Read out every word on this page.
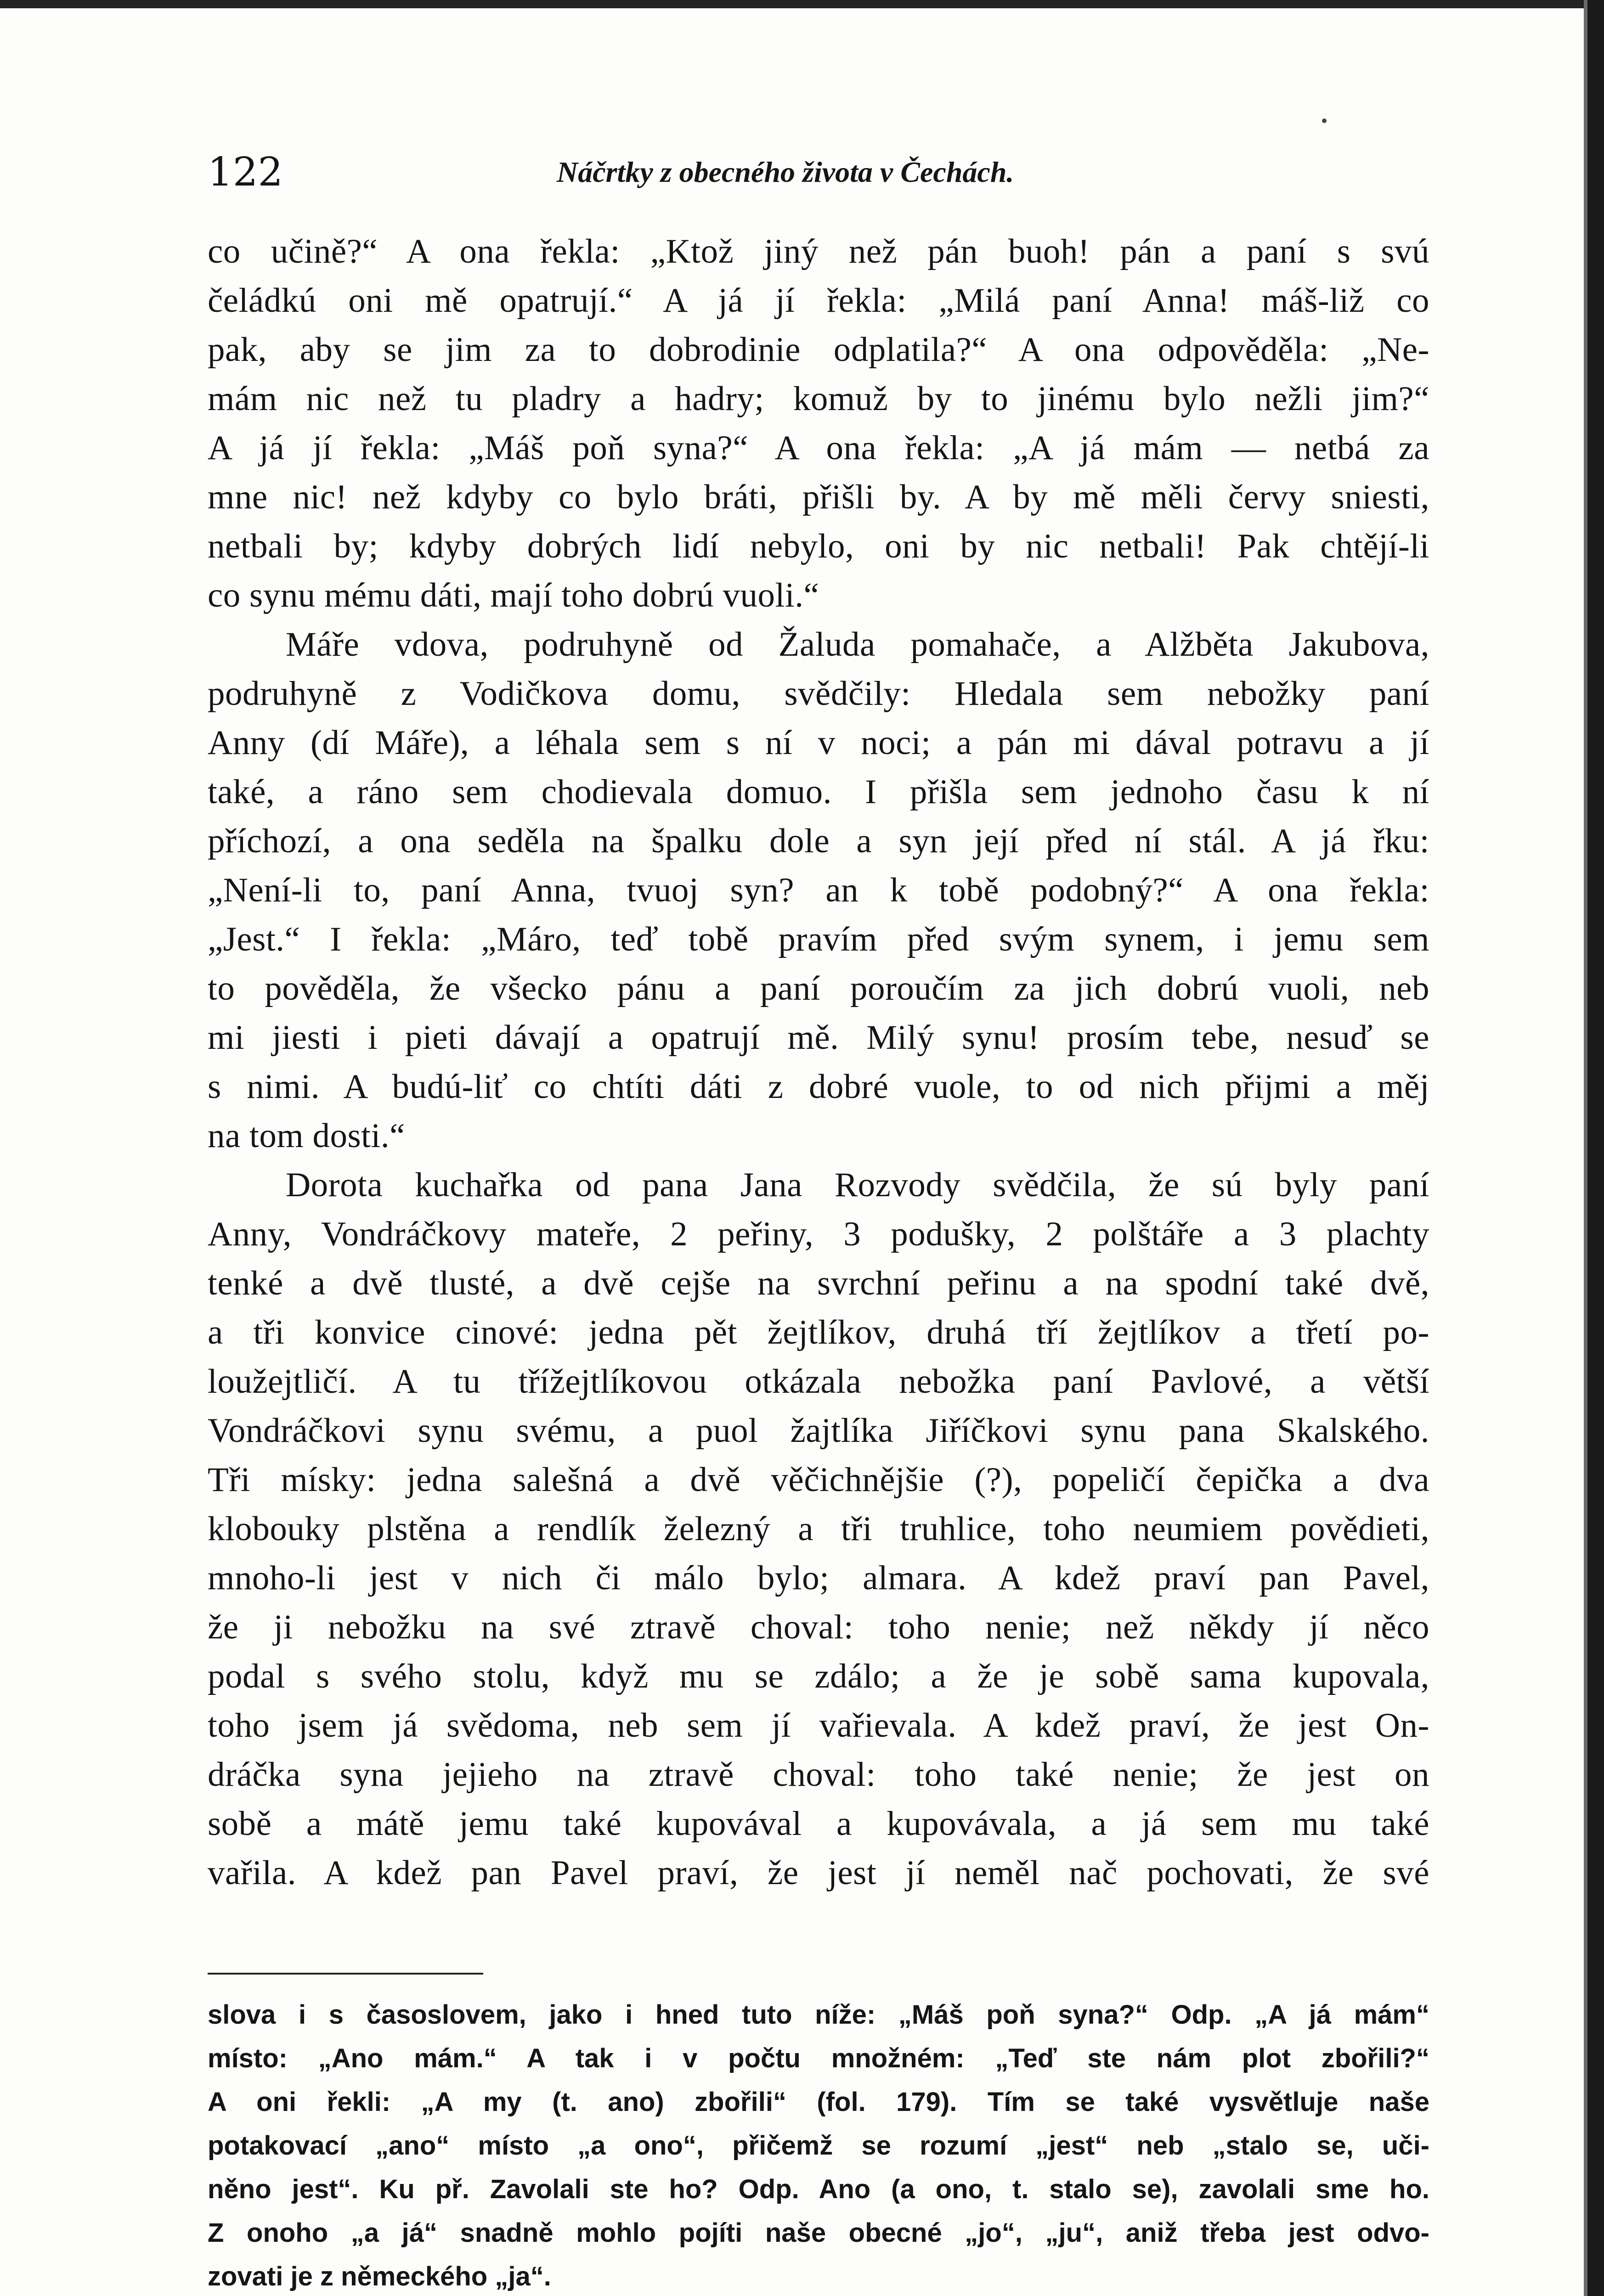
122	Náčrtky z obecného života v Čechách.
co učině?“ A ona řekla: „Ktož jiný než pán buoh! pán a paní s svú
čeládkú oni mě opatrují.“ A já jí řekla: „Milá paní Anna! máš-liž co
pak, aby se jim za to dobrodinie odplatila?“ A ona odpověděla: „Ne-
mám nic než tu pladry a hadry; komuž by to jinému bylo nežli jim?“
A já jí řekla: „Máš poň syna?“ A ona řekla: „A já mám — netbá za
mne nic! než kdyby co bylo bráti, přišli by. A by mě měli červy sniesti,
netbali by; kdyby dobrých lidí nebylo, oni by nic netbali! Pak chtějí-li
co synu mému dáti, mají toho dobrú vuoli.“
Máře vdova, podruhyně od Žaluda pomahače, a Alžběta Jakubova,
podruhyně z Vodičkova domu, svědčily: Hledala sem nebožky paní
Anny (dí Máře), a léhala sem s ní v noci; a pán mi dával potravu a jí
také, a ráno sem chodievala domuo. I přišla sem jednoho času k ní
příchozí, a ona seděla na špalku dole a syn její před ní stál. A já řku:
„Není-li to, paní Anna, tvuoj syn? an k tobě podobný?“ A ona řekla:
„Jest.“ I řekla: „Máro, teď tobě pravím před svým synem, i jemu sem
to pověděla, že všecko pánu a paní poroučím za jich dobrú vuoli, neb
mi jiesti i pieti dávají a opatrují mě. Milý synu! prosím tebe, nesuď se
s nimi. A budú-liť co chtíti dáti z dobré vuole, to od nich přijmi a měj
na tom dosti.“
Dorota kuchařka od pana Jana Rozvody svědčila, že sú byly paní
Anny, Vondráčkovy mateře, 2 peřiny, 3 podušky, 2 polštáře a 3 plachty
tenké a dvě tlusté, a dvě cejše na svrchní peřinu a na spodní také dvě,
a tři konvice cinové: jedna pět žejtlíkov, druhá tří žejtlíkov a třetí po-
loužejtličí. A tu třížejtlíkovou otkázala nebožka paní Pavlové, a větší
Vondráčkovi synu svému, a puol žajtlíka Jiříčkovi synu pana Skalského.
Tři mísky: jedna salešná a dvě věčichnějšie (?), popeličí čepička a dva
klobouky plstěna a rendlík železný a tři truhlice, toho neumiem povědieti,
mnoho-li jest v nich či málo bylo; almara. A kdež praví pan Pavel,
že ji nebožku na své ztravě choval: toho nenie; než někdy jí něco
podal s svého stolu, když mu se zdálo; a že je sobě sama kupovala,
toho jsem já svědoma, neb sem jí vařievala. A kdež praví, že jest On-
dráčka syna jejieho na ztravě choval: toho také nenie; že jest on
sobě a mátě jemu také kupovával a kupovávala, a já sem mu také
vařila. A kdež pan Pavel praví, že jest jí neměl nač pochovati, že své
slova i s časoslovem, jako i hned tuto níže: „Máš poň syna?“ Odp. „A já mám“
místo: „Ano mám.“ A tak i v počtu množném: „Teď ste nám plot zbořili?“
A oni řekli: „A my (t. ano) zbořili“ (fol. 179). Tím se také vysvětluje naše
potakovací „ano“ místo „a ono“, přičemž se rozumí „jest“ neb „stalo se, uči-
něno jest“. Ku př. Zavolali ste ho? Odp. Ano (a ono, t. stalo se), zavolali sme ho.
Z onoho „a já“ snadně mohlo pojíti naše obecné „jo“, „ju“, aniž třeba jest odvo-
zovati je z německého „ja“.
